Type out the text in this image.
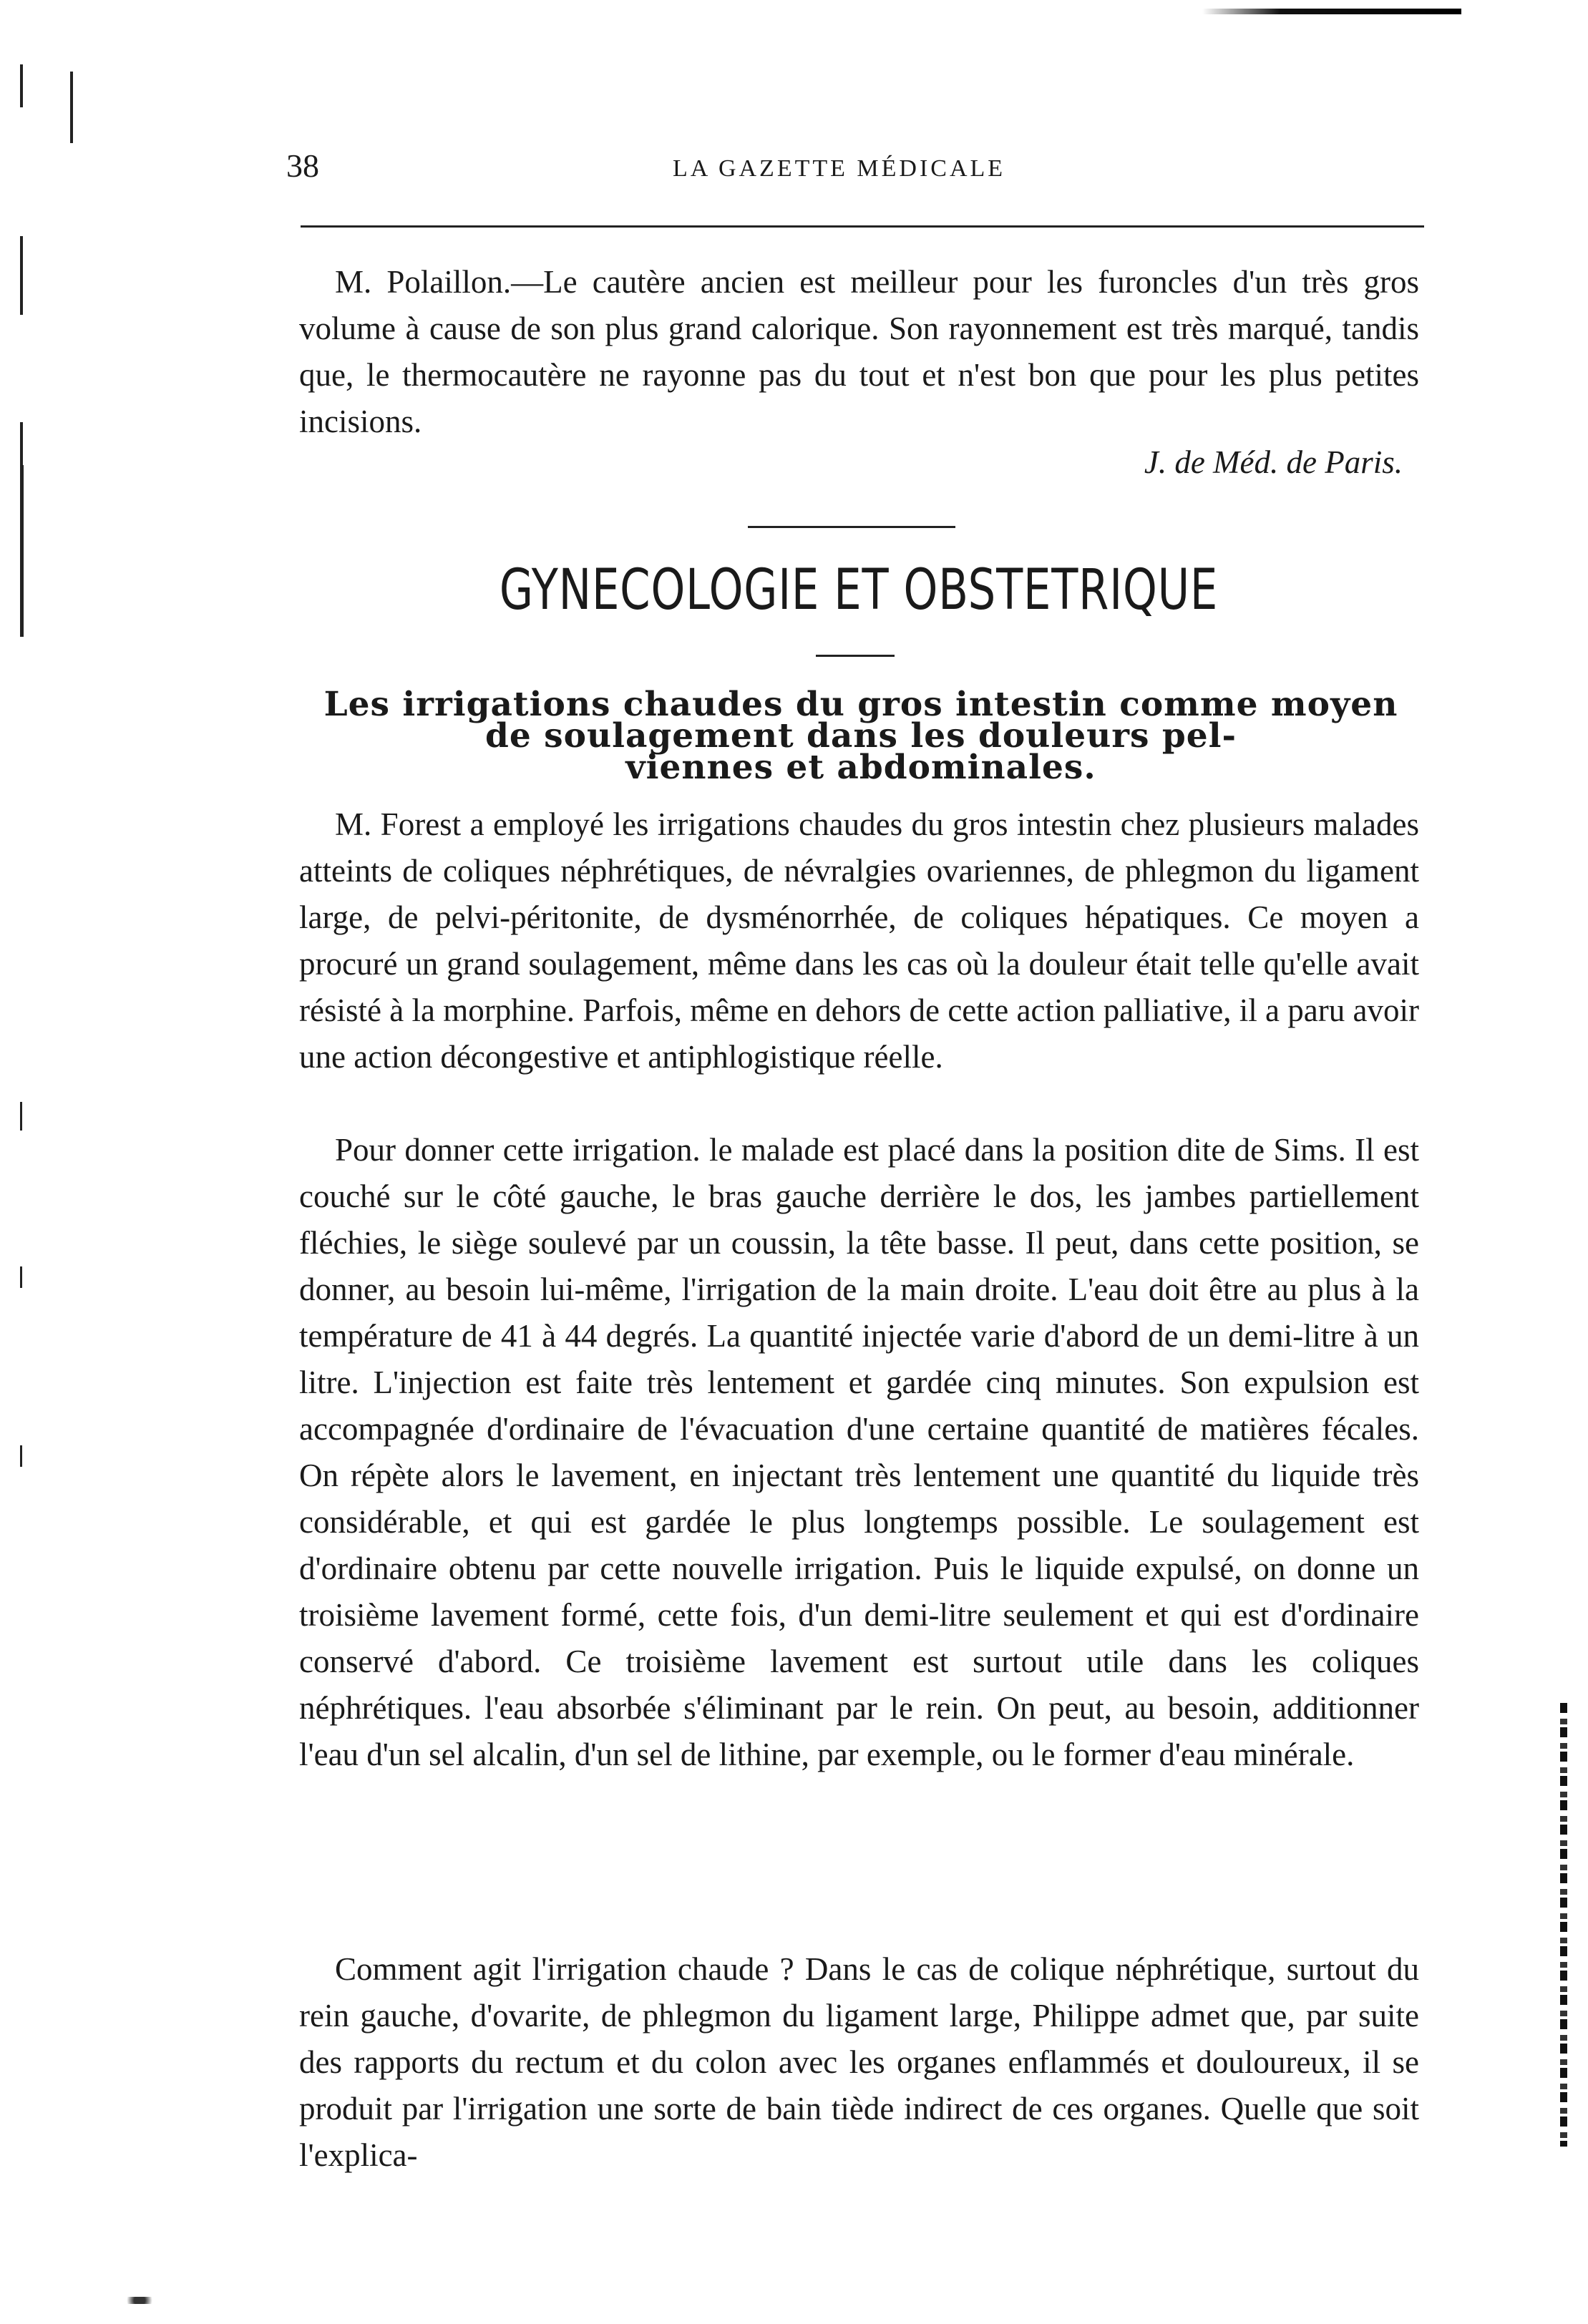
38	LA GAZETTE MÉDICALE

M. Polaillon.—Le cautère ancien est meilleur pour les furoncles d'un très gros volume à cause de son plus grand calorique. Son rayonnement est très marqué, tandis que, le thermocautère ne rayonne pas du tout et n'est bon que pour les plus petites incisions.

J. de Méd. de Paris.
GYNECOLOGIE ET OBSTETRIQUE
Les irrigations chaudes du gros intestin comme moyen
de soulagement dans les douleurs pel-
viennes et abdominales.

M. Forest a employé les irrigations chaudes du gros intestin chez plusieurs malades atteints de coliques néphrétiques, de névralgies ovariennes, de phlegmon du ligament large, de pelvi-péritonite, de dysménorrhée, de coliques hépatiques. Ce moyen a procuré un grand soulagement, même dans les cas où la douleur était telle qu'elle avait résisté à la morphine. Parfois, même en dehors de cette action palliative, il a paru avoir une action décongestive et antiphlogistique réelle.

Pour donner cette irrigation. le malade est placé dans la position dite de Sims. Il est couché sur le côté gauche, le bras gauche derrière le dos, les jambes partiellement fléchies, le siège soulevé par un coussin, la tête basse. Il peut, dans cette position, se donner, au besoin lui-même, l'irrigation de la main droite. L'eau doit être au plus à la température de 41 à 44 degrés. La quantité injectée varie d'abord de un demi-litre à un litre. L'injection est faite très lentement et gardée cinq minutes. Son expulsion est accompagnée d'ordinaire de l'évacuation d'une certaine quantité de matières fécales. On répète alors le lavement, en injectant très lentement une quantité du liquide très considérable, et qui est gardée le plus longtemps possible. Le soulagement est d'ordinaire obtenu par cette nouvelle irrigation. Puis le liquide expulsé, on donne un troisième lavement formé, cette fois, d'un demi-litre seulement et qui est d'ordinaire conservé d'abord. Ce troisième lavement est surtout utile dans les coliques néphrétiques. l'eau absorbée s'éliminant par le rein. On peut, au besoin, additionner l'eau d'un sel alcalin, d'un sel de lithine, par exemple, ou le former d'eau minérale.

Comment agit l'irrigation chaude ? Dans le cas de colique néphrétique, surtout du rein gauche, d'ovarite, de phlegmon du ligament large, Philippe admet que, par suite des rapports du rectum et du colon avec les organes enflammés et douloureux, il se produit par l'irrigation une sorte de bain tiède indirect de ces organes. Quelle que soit l'explica-
